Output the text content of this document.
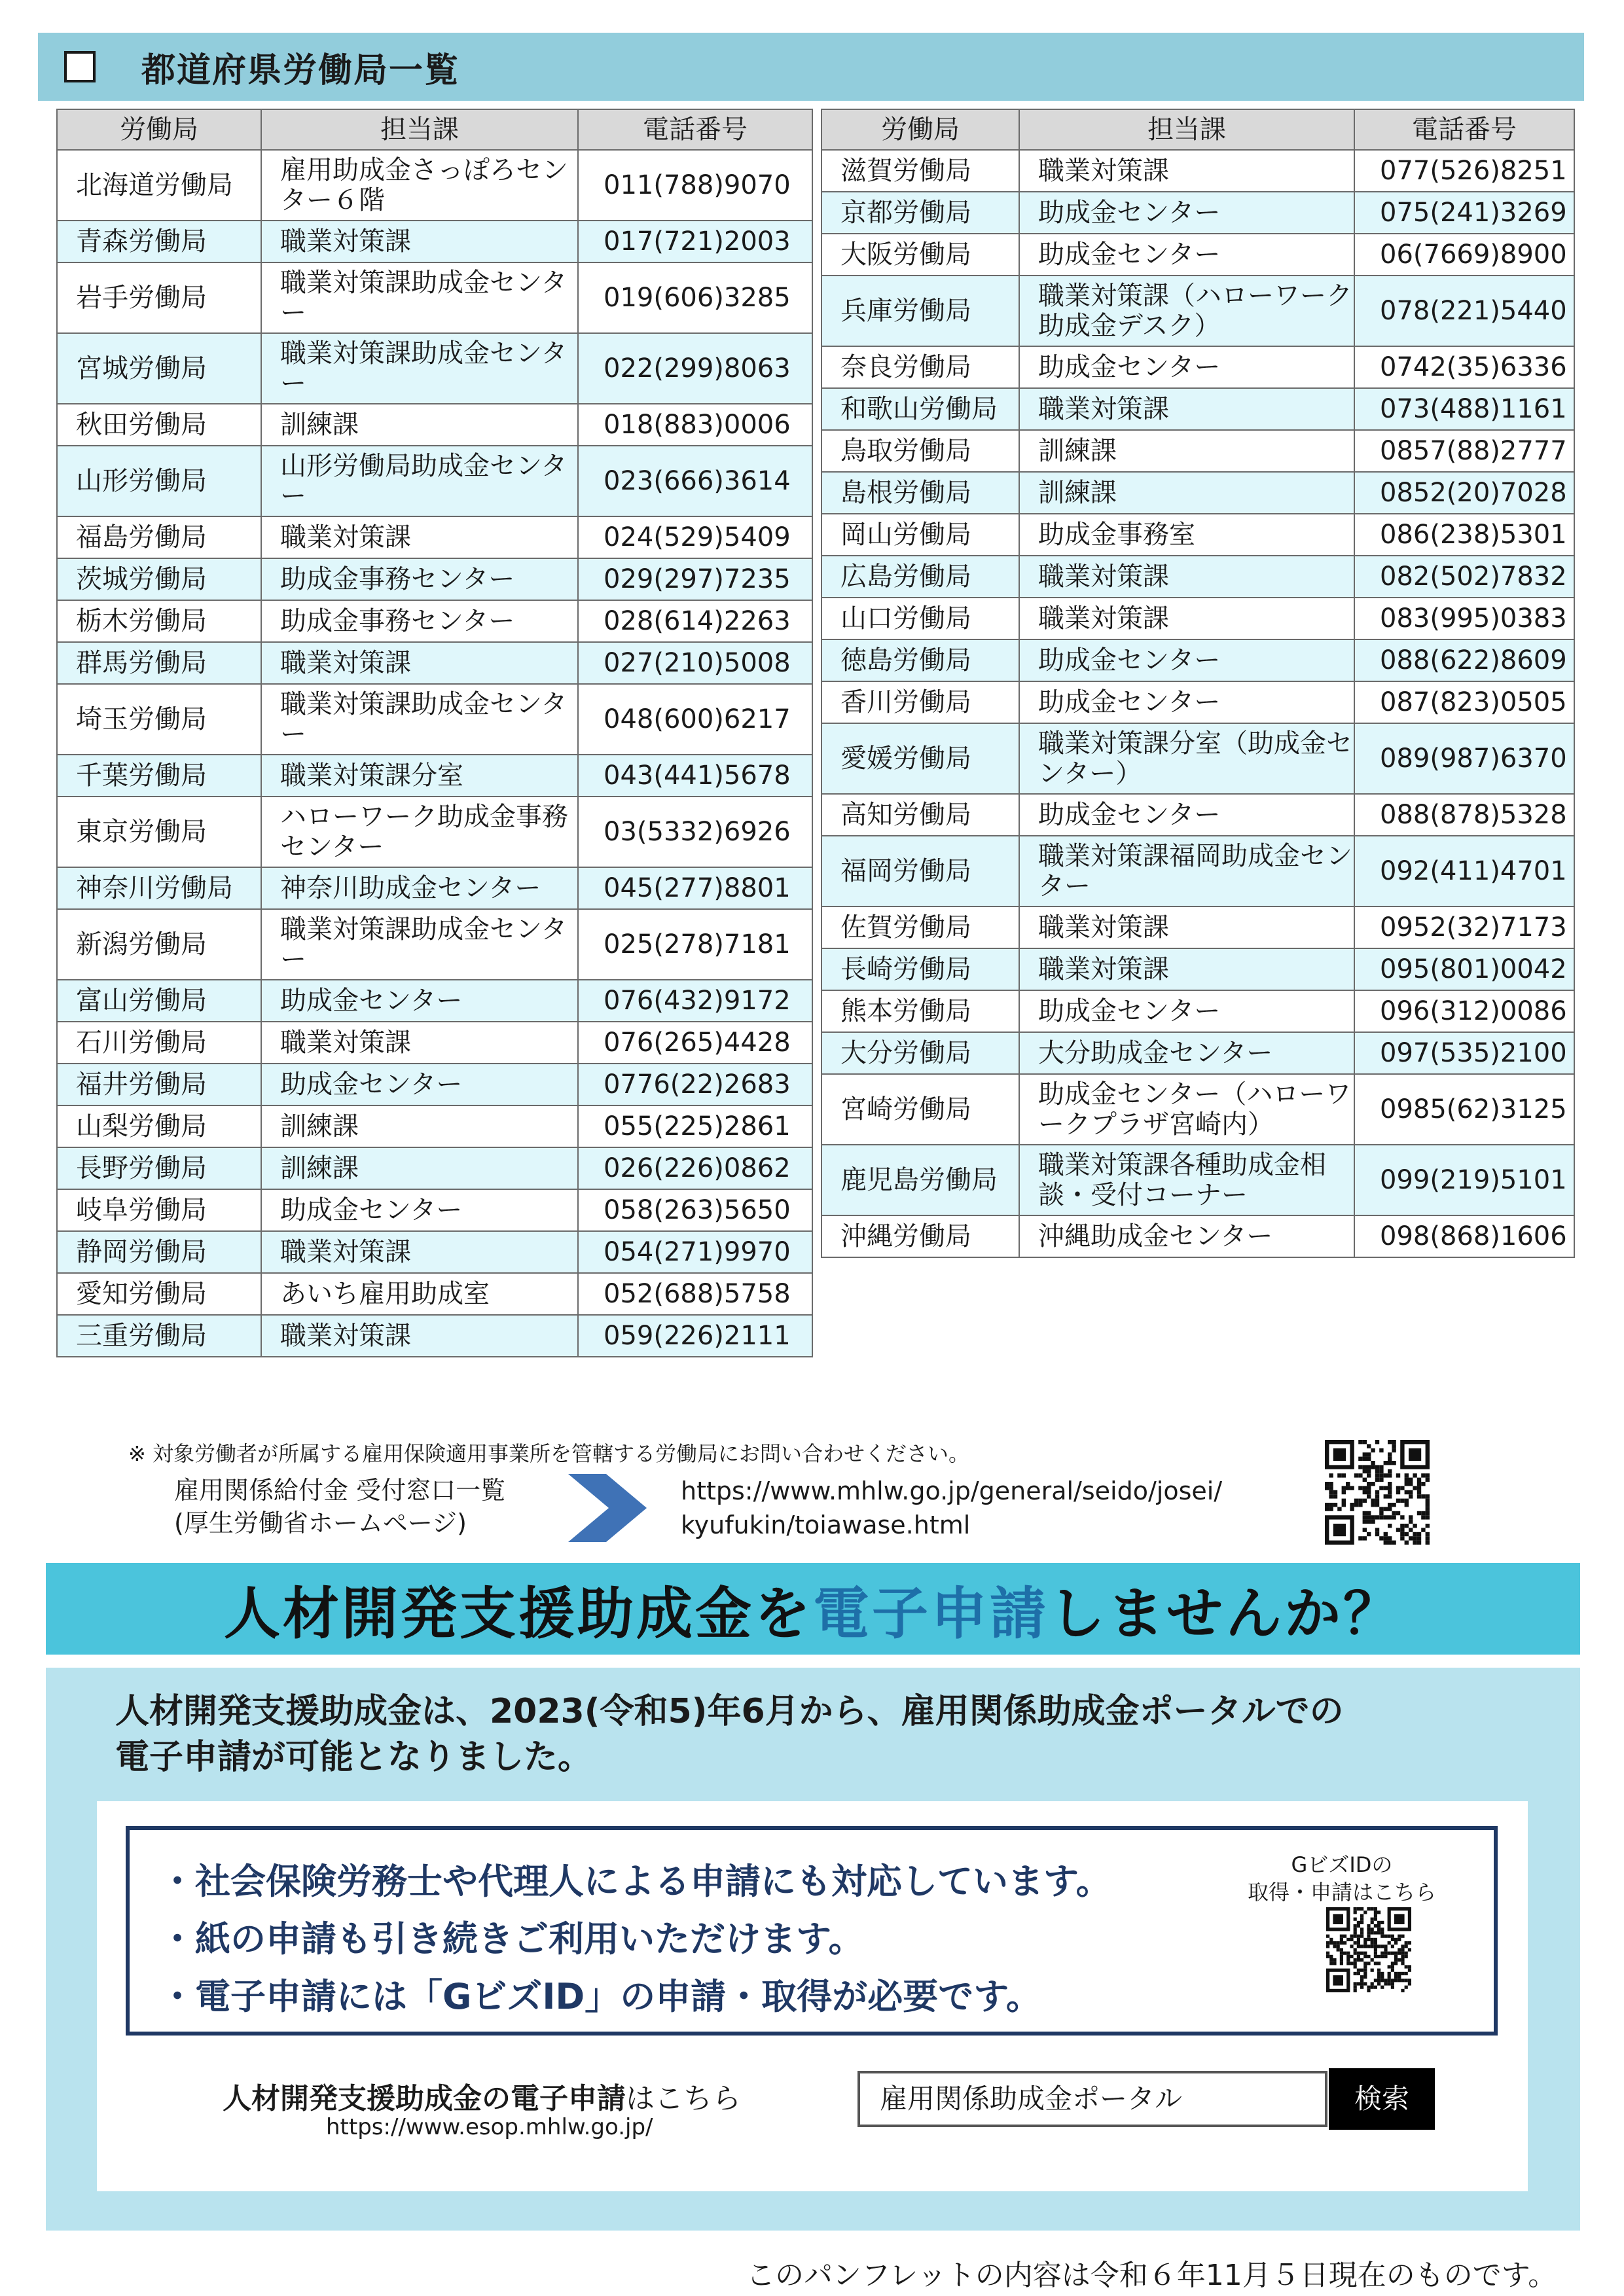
都道府県労働局一覧
労働局	担当課	電話番号
北海道労働局	雇用助成金さっぽろセンター６階	011(788)9070
青森労働局	職業対策課	017(721)2003
岩手労働局	職業対策課助成金センター	019(606)3285
宮城労働局	職業対策課助成金センター	022(299)8063
秋田労働局	訓練課	018(883)0006
山形労働局	山形労働局助成金センター	023(666)3614
福島労働局	職業対策課	024(529)5409
茨城労働局	助成金事務センター	029(297)7235
栃木労働局	助成金事務センター	028(614)2263
群馬労働局	職業対策課	027(210)5008
埼玉労働局	職業対策課助成金センター	048(600)6217
千葉労働局	職業対策課分室	043(441)5678
東京労働局	ハローワーク助成金事務センター	03(5332)6926
神奈川労働局	神奈川助成金センター	045(277)8801
新潟労働局	職業対策課助成金センター	025(278)7181
富山労働局	助成金センター	076(432)9172
石川労働局	職業対策課	076(265)4428
福井労働局	助成金センター	0776(22)2683
山梨労働局	訓練課	055(225)2861
長野労働局	訓練課	026(226)0862
岐阜労働局	助成金センター	058(263)5650
静岡労働局	職業対策課	054(271)9970
愛知労働局	あいち雇用助成室	052(688)5758
三重労働局	職業対策課	059(226)2111
労働局	担当課	電話番号
滋賀労働局	職業対策課	077(526)8251
京都労働局	助成金センター	075(241)3269
大阪労働局	助成金センター	06(7669)8900
兵庫労働局	職業対策課（ハローワーク助成金デスク）	078(221)5440
奈良労働局	助成金センター	0742(35)6336
和歌山労働局	職業対策課	073(488)1161
鳥取労働局	訓練課	0857(88)2777
島根労働局	訓練課	0852(20)7028
岡山労働局	助成金事務室	086(238)5301
広島労働局	職業対策課	082(502)7832
山口労働局	職業対策課	083(995)0383
徳島労働局	助成金センター	088(622)8609
香川労働局	助成金センター	087(823)0505
愛媛労働局	職業対策課分室（助成金センター）	089(987)6370
高知労働局	助成金センター	088(878)5328
福岡労働局	職業対策課福岡助成金センター	092(411)4701
佐賀労働局	職業対策課	0952(32)7173
長崎労働局	職業対策課	095(801)0042
熊本労働局	助成金センター	096(312)0086
大分労働局	大分助成金センター	097(535)2100
宮崎労働局	助成金センター（ハローワークプラザ宮崎内）	0985(62)3125
鹿児島労働局	職業対策課各種助成金相談・受付コーナー	099(219)5101
沖縄労働局	沖縄助成金センター	098(868)1606
※ 対象労働者が所属する雇用保険適用事業所を管轄する労働局にお問い合わせください。
雇用関係給付金 受付窓口一覧
(厚生労働省ホームページ)
https://www.mhlw.go.jp/general/seido/josei/
kyufukin/toiawase.html
人材開発支援助成金を 電子申請 しませんか？
人材開発支援助成金は、2023(令和5)年6月から、雇用関係助成金ポータルでの
電子申請が可能となりました。
・社会保険労務士や代理人による申請にも対応しています。
・紙の申請も引き続きご利用いただけます。
・電子申請には「GビズID」の申請・取得が必要です。
GビズIDの
取得・申請はこちら
人材開発支援助成金の電子申請はこちら
https://www.esop.mhlw.go.jp/
雇用関係助成金ポータル	検索
このパンフレットの内容は令和６年11月５日現在のものです。
